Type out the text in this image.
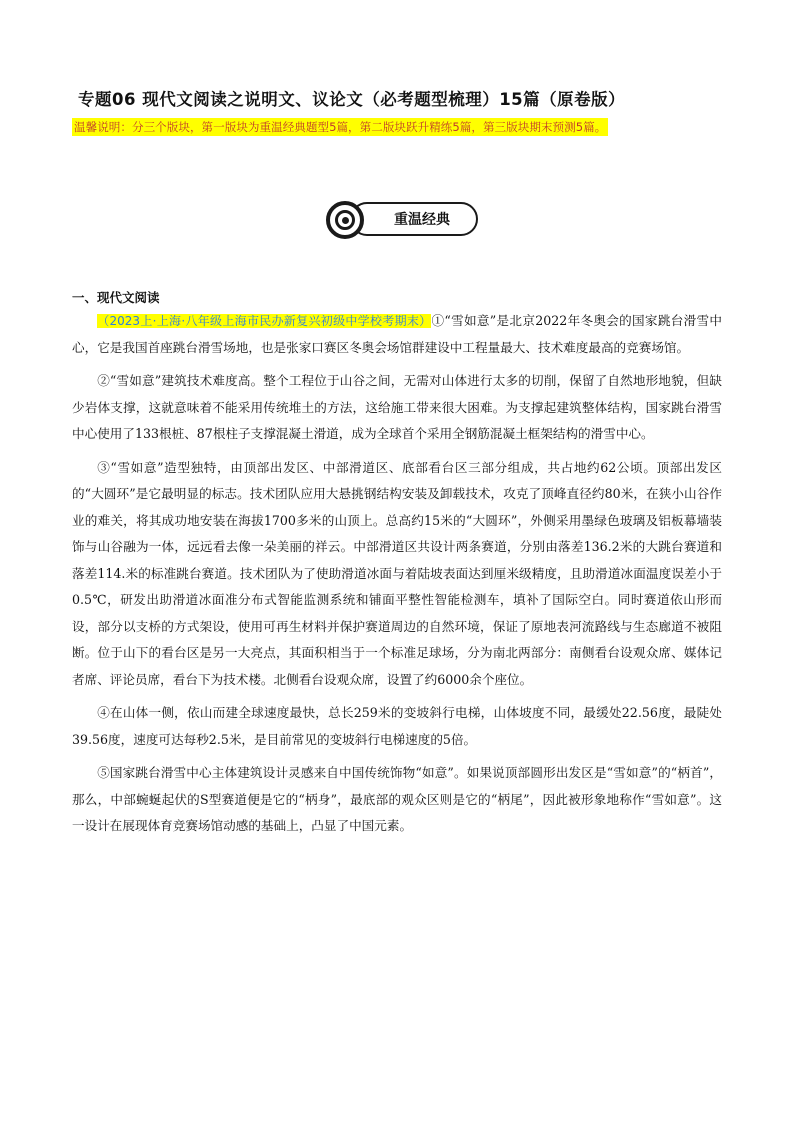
专题06 现代文阅读之说明文、议论文（必考题型梳理）15篇（原卷版）
温馨说明：分三个版块，第一版块为重温经典题型5篇，第二版块跃升精练5篇，第三版块期末预测5篇。
重温经典
一、现代文阅读

（2023上·上海·八年级上海市民办新复兴初级中学校考期末）①“雪如意”是北京2022年冬奥会的国家跳台滑雪中心，它是我国首座跳台滑雪场地，也是张家口赛区冬奥会场馆群建设中工程量最大、技术难度最高的竞赛场馆。

②“雪如意”建筑技术难度高。整个工程位于山谷之间，无需对山体进行太多的切削，保留了自然地形地貌，但缺少岩体支撑，这就意味着不能采用传统堆土的方法，这给施工带来很大困难。为支撑起建筑整体结构，国家跳台滑雪中心使用了133根桩、87根柱子支撑混凝土滑道，成为全球首个采用全钢筋混凝土框架结构的滑雪中心。

③“雪如意”造型独特，由顶部出发区、中部滑道区、底部看台区三部分组成，共占地约62公顷。顶部出发区的“大圆环”是它最明显的标志。技术团队应用大悬挑钢结构安装及卸载技术，攻克了顶峰直径约80米，在狭小山谷作业的难关，将其成功地安装在海拔1700多米的山顶上。总高约15米的“大圆环”，外侧采用墨绿色玻璃及铝板幕墙装饰与山谷融为一体，远远看去像一朵美丽的祥云。中部滑道区共设计两条赛道，分别由落差136.2米的大跳台赛道和落差114.米的标准跳台赛道。技术团队为了使助滑道冰面与着陆坡表面达到厘米级精度，且助滑道冰面温度误差小于0.5℃，研发出助滑道冰面准分布式智能监测系统和铺面平整性智能检测车，填补了国际空白。同时赛道依山形而设，部分以支桥的方式架设，使用可再生材料并保护赛道周边的自然环境，保证了原地表河流路线与生态廊道不被阻断。位于山下的看台区是另一大亮点，其面积相当于一个标准足球场，分为南北两部分：南侧看台设观众席、媒体记者席、评论员席，看台下为技术楼。北侧看台设观众席，设置了约6000余个座位。

④在山体一侧，依山而建全球速度最快，总长259米的变坡斜行电梯，山体坡度不同，最缓处22.56度，最陡处39.56度，速度可达每秒2.5米，是目前常见的变坡斜行电梯速度的5倍。

⑤国家跳台滑雪中心主体建筑设计灵感来自中国传统饰物“如意”。如果说顶部圆形出发区是“雪如意”的“柄首”，那么，中部蜿蜒起伏的S型赛道便是它的“柄身”，最底部的观众区则是它的“柄尾”，因此被形象地称作“雪如意”。这一设计在展现体育竞赛场馆动感的基础上，凸显了中国元素。
